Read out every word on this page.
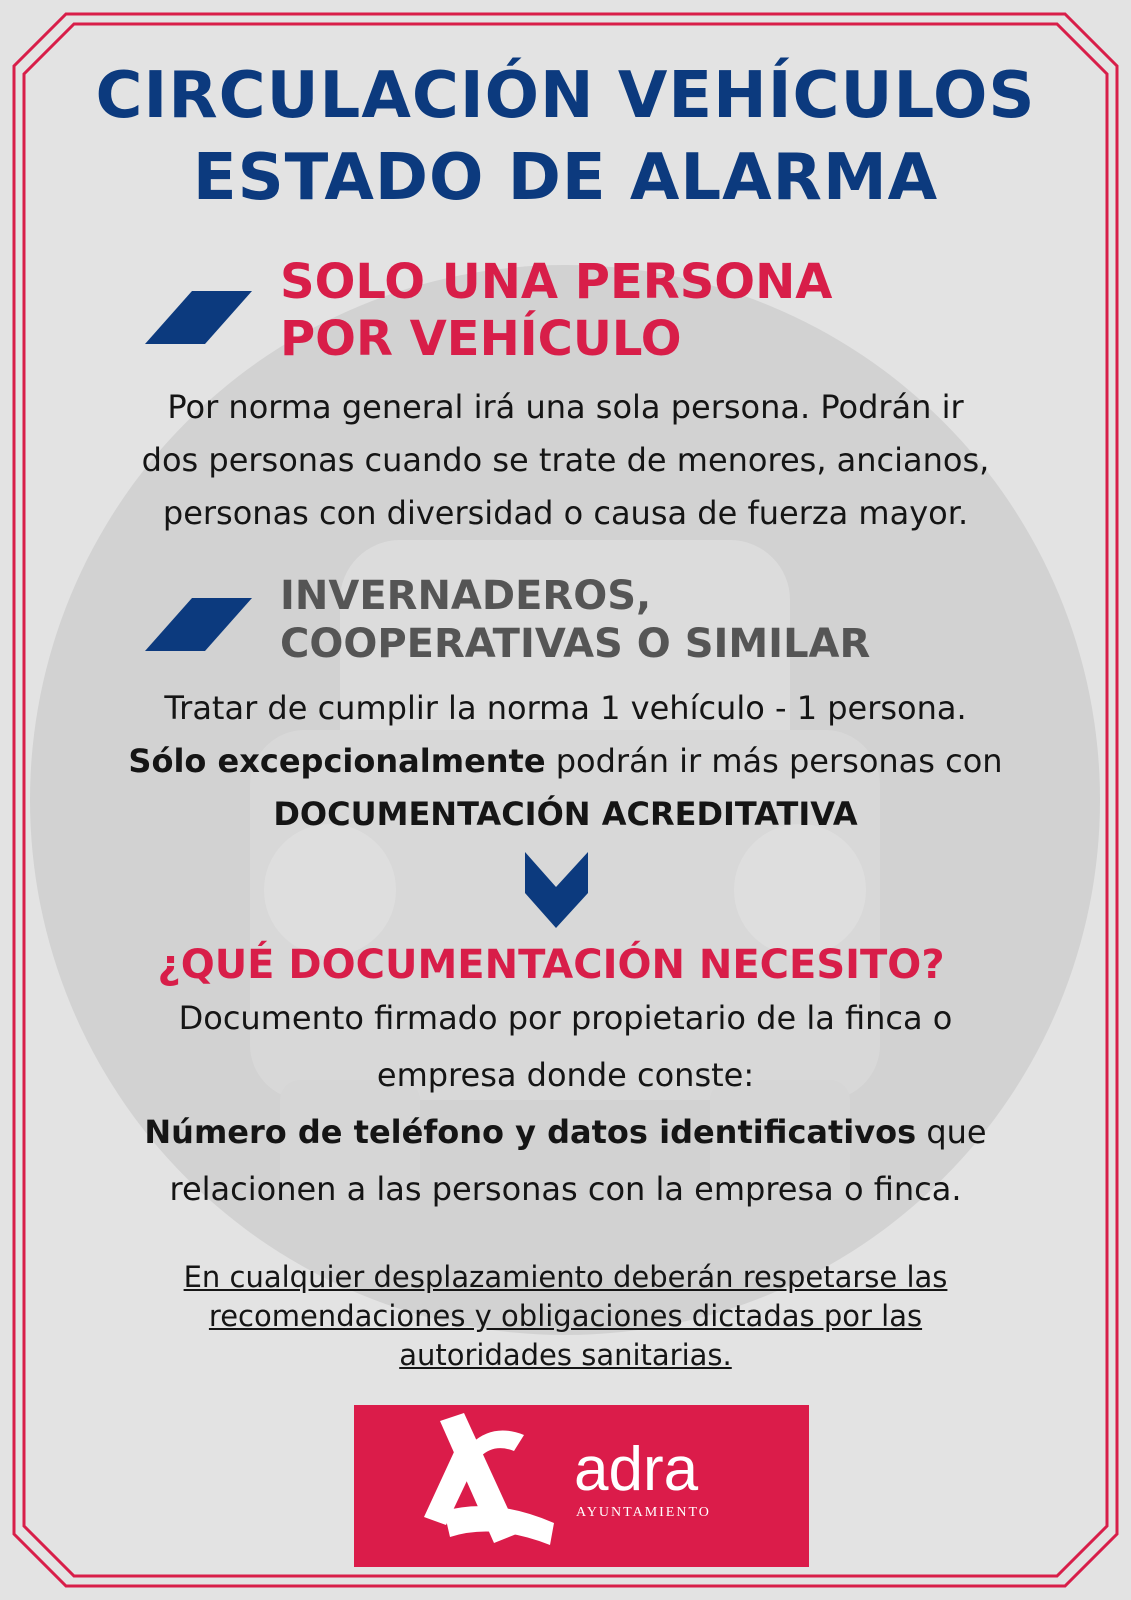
CIRCULACIÓN VEHÍCULOS
ESTADO DE ALARMA
SOLO UNA PERSONA
POR VEHÍCULO
Por norma general irá una sola persona. Podrán ir
dos personas cuando se trate de menores, ancianos,
personas con diversidad o causa de fuerza mayor.
INVERNADEROS,
COOPERATIVAS O SIMILAR
Tratar de cumplir la norma 1 vehículo - 1 persona.
Sólo excepcionalmente podrán ir más personas con
DOCUMENTACIÓN ACREDITATIVA
¿QUÉ DOCUMENTACIÓN NECESITO?
Documento firmado por propietario de la finca o
empresa donde conste:
Número de teléfono y datos identificativos que
relacionen a las personas con la empresa o finca.
En cualquier desplazamiento deberán respetarse las
recomendaciones y obligaciones dictadas por las
autoridades sanitarias.
adra
AYUNTAMIENTO
